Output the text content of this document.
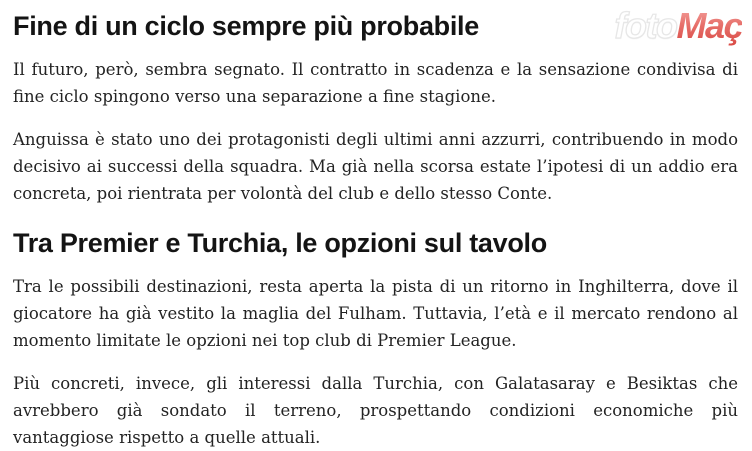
fotoMaç
Fine di un ciclo sempre più probabile

Il futuro, però, sembra segnato. Il contratto in scadenza e la sensazione condivisa di fine ciclo spingono verso una separazione a fine stagione.

Anguissa è stato uno dei protagonisti degli ultimi anni azzurri, contribuendo in modo decisivo ai successi della squadra. Ma già nella scorsa estate l’ipotesi di un addio era concreta, poi rientrata per volontà del club e dello stesso Conte.

Tra Premier e Turchia, le opzioni sul tavolo

Tra le possibili destinazioni, resta aperta la pista di un ritorno in Inghilterra, dove il giocatore ha già vestito la maglia del Fulham. Tuttavia, l’età e il mercato rendono al momento limitate le opzioni nei top club di Premier League.

Più concreti, invece, gli interessi dalla Turchia, con Galatasaray e Besiktas che avrebbero già sondato il terreno, prospettando condizioni economiche più vantaggiose rispetto a quelle attuali.
